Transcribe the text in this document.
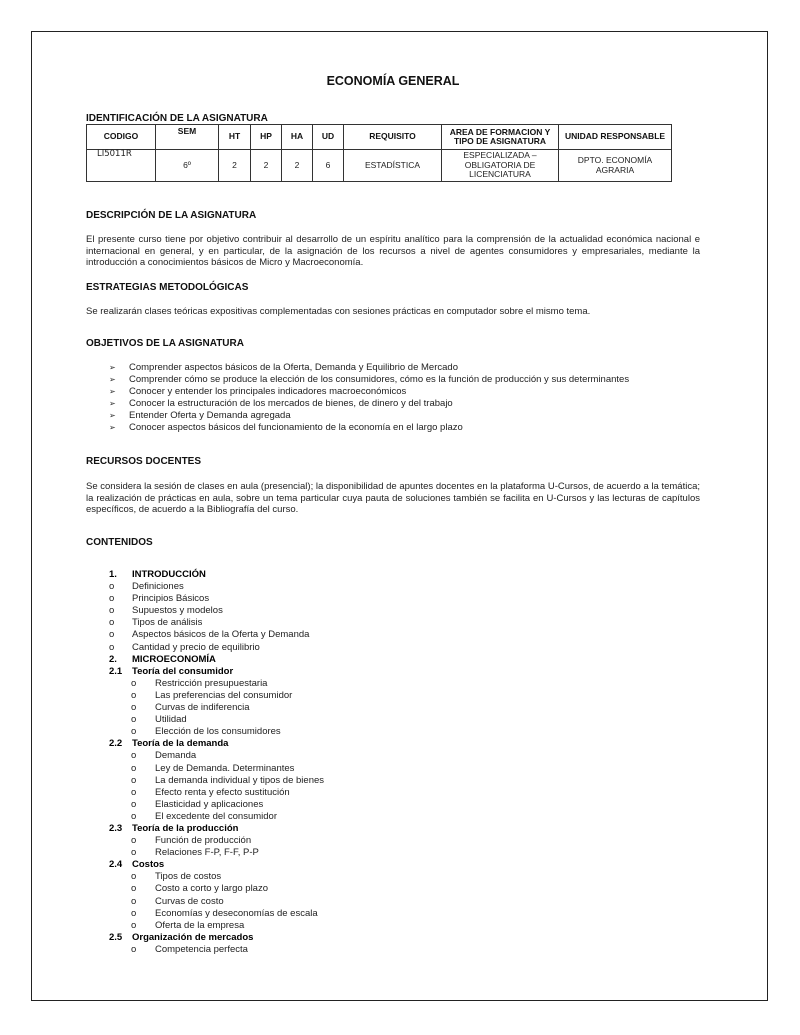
ECONOMÍA GENERAL
IDENTIFICACIÓN DE LA ASIGNATURA
CODIGO	SEM	HT	HP	HA	UD	REQUISITO	AREA DE FORMACION Y TIPO DE ASIGNATURA	UNIDAD RESPONSABLE
LI5011R	6º	2	2	2	6	ESTADÍSTICA	ESPECIALIZADA – OBLIGATORIA DE LICENCIATURA	DPTO. ECONOMÍA AGRARIA
DESCRIPCIÓN DE LA ASIGNATURA
El presente curso tiene por objetivo contribuir al desarrollo de un espíritu analítico para la comprensión de la actualidad económica nacional e internacional en general, y en particular, de la asignación de los recursos a nivel de agentes consumidores y empresariales, mediante la introducción a conocimientos básicos de Micro y Macroeconomía.
ESTRATEGIAS METODOLÓGICAS
Se realizarán clases teóricas expositivas complementadas con sesiones prácticas en computador sobre el mismo tema.
OBJETIVOS DE LA ASIGNATURA
➢ Comprender aspectos básicos de la Oferta, Demanda y Equilibrio de Mercado
➢ Comprender cómo se produce la elección de los consumidores, cómo es la función de producción y sus determinantes
➢ Conocer y entender los principales indicadores macroeconómicos
➢ Conocer la estructuración de los mercados de bienes, de dinero y del trabajo
➢ Entender Oferta y Demanda agregada
➢ Conocer aspectos básicos del funcionamiento de la economía en el largo plazo
RECURSOS DOCENTES
Se considera la sesión de clases en aula (presencial); la disponibilidad de apuntes docentes en la plataforma U-Cursos, de acuerdo a la temática; la realización de prácticas en aula, sobre un tema particular cuya pauta de soluciones también se facilita en U-Cursos y las lecturas de capítulos específicos, de acuerdo a la Bibliografía del curso.
CONTENIDOS
1. INTRODUCCIÓN
o Definiciones
o Principios Básicos
o Supuestos y modelos
o Tipos de análisis
o Aspectos básicos de la Oferta y Demanda
o Cantidad y precio de equilibrio
2. MICROECONOMÍA
2.1 Teoría del consumidor
o Restricción presupuestaria
o Las preferencias del consumidor
o Curvas de indiferencia
o Utilidad
o Elección de los consumidores
2.2 Teoría de la demanda
o Demanda
o Ley de Demanda. Determinantes
o La demanda individual y tipos de bienes
o Efecto renta y efecto sustitución
o Elasticidad y aplicaciones
o El excedente del consumidor
2.3 Teoría de la producción
o Función de producción
o Relaciones F-P, F-F, P-P
2.4 Costos
o Tipos de costos
o Costo a corto y largo plazo
o Curvas de costo
o Economías y deseconomías de escala
o Oferta de la empresa
2.5 Organización de mercados
o Competencia perfecta
